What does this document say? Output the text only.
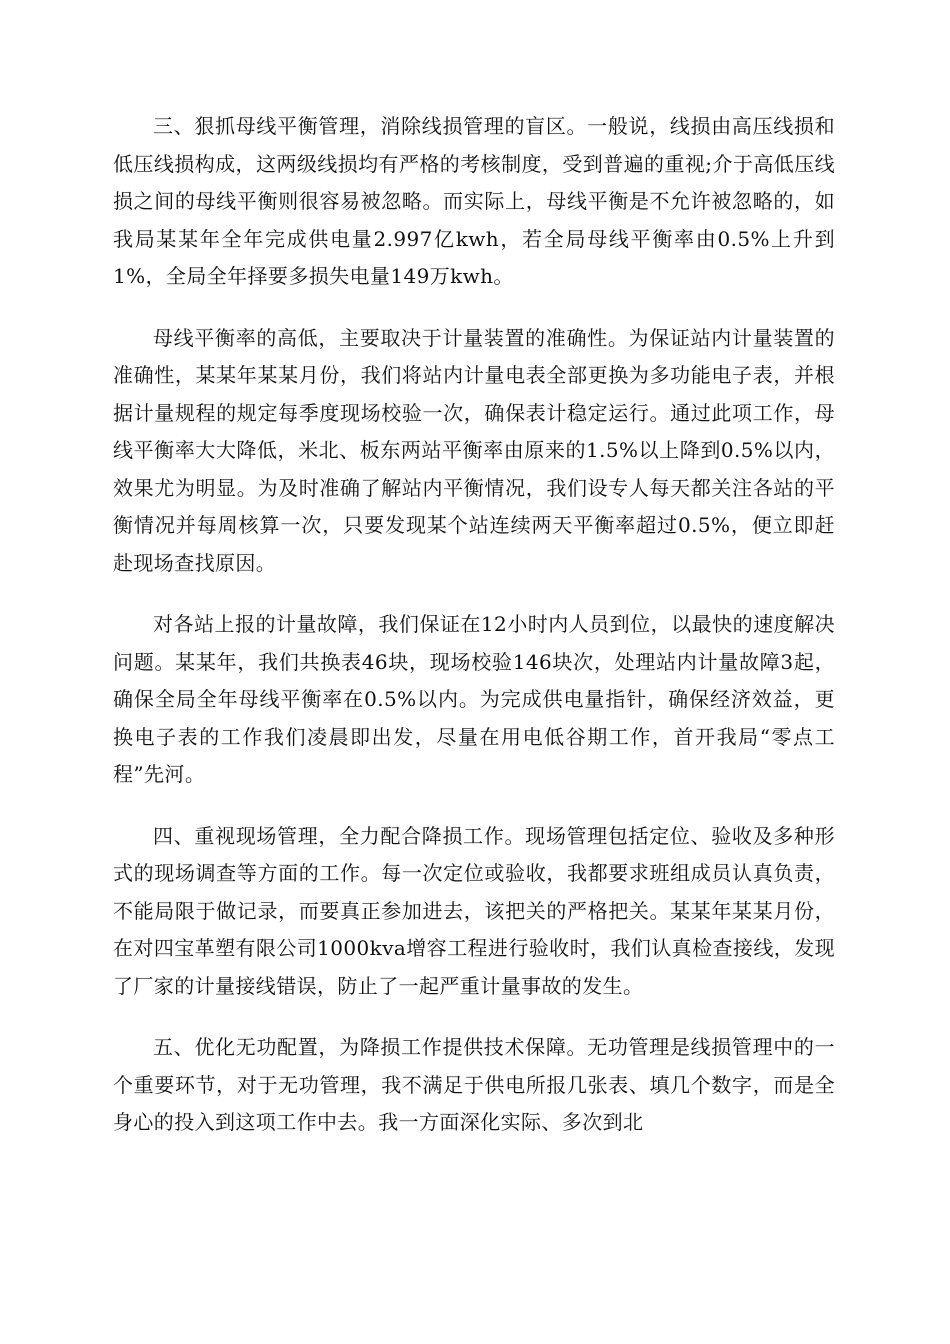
三、狠抓母线平衡管理，消除线损管理的盲区。一般说，线损由高压线损和低压线损构成，这两级线损均有严格的考核制度，受到普遍的重视;介于高低压线损之间的母线平衡则很容易被忽略。而实际上，母线平衡是不允许被忽略的，如我局某某年全年完成供电量2.997亿kwh，若全局母线平衡率由0.5%上升到1%，全局全年择要多损失电量149万kwh。

母线平衡率的高低，主要取决于计量装置的准确性。为保证站内计量装置的准确性，某某年某某月份，我们将站内计量电表全部更换为多功能电子表，并根据计量规程的规定每季度现场校验一次，确保表计稳定运行。通过此项工作，母线平衡率大大降低，米北、板东两站平衡率由原来的1.5%以上降到0.5%以内，效果尤为明显。为及时准确了解站内平衡情况，我们设专人每天都关注各站的平衡情况并每周核算一次，只要发现某个站连续两天平衡率超过0.5%，便立即赶赴现场查找原因。

对各站上报的计量故障，我们保证在12小时内人员到位，以最快的速度解决问题。某某年，我们共换表46块，现场校验146块次，处理站内计量故障3起，确保全局全年母线平衡率在0.5%以内。为完成供电量指针，确保经济效益，更换电子表的工作我们凌晨即出发，尽量在用电低谷期工作，首开我局“零点工程”先河。

四、重视现场管理，全力配合降损工作。现场管理包括定位、验收及多种形式的现场调查等方面的工作。每一次定位或验收，我都要求班组成员认真负责，不能局限于做记录，而要真正参加进去，该把关的严格把关。某某年某某月份，在对四宝革塑有限公司1000kva增容工程进行验收时，我们认真检查接线，发现了厂家的计量接线错误，防止了一起严重计量事故的发生。

五、优化无功配置，为降损工作提供技术保障。无功管理是线损管理中的一个重要环节，对于无功管理，我不满足于供电所报几张表、填几个数字，而是全身心的投入到这项工作中去。我一方面深化实际、多次到北
